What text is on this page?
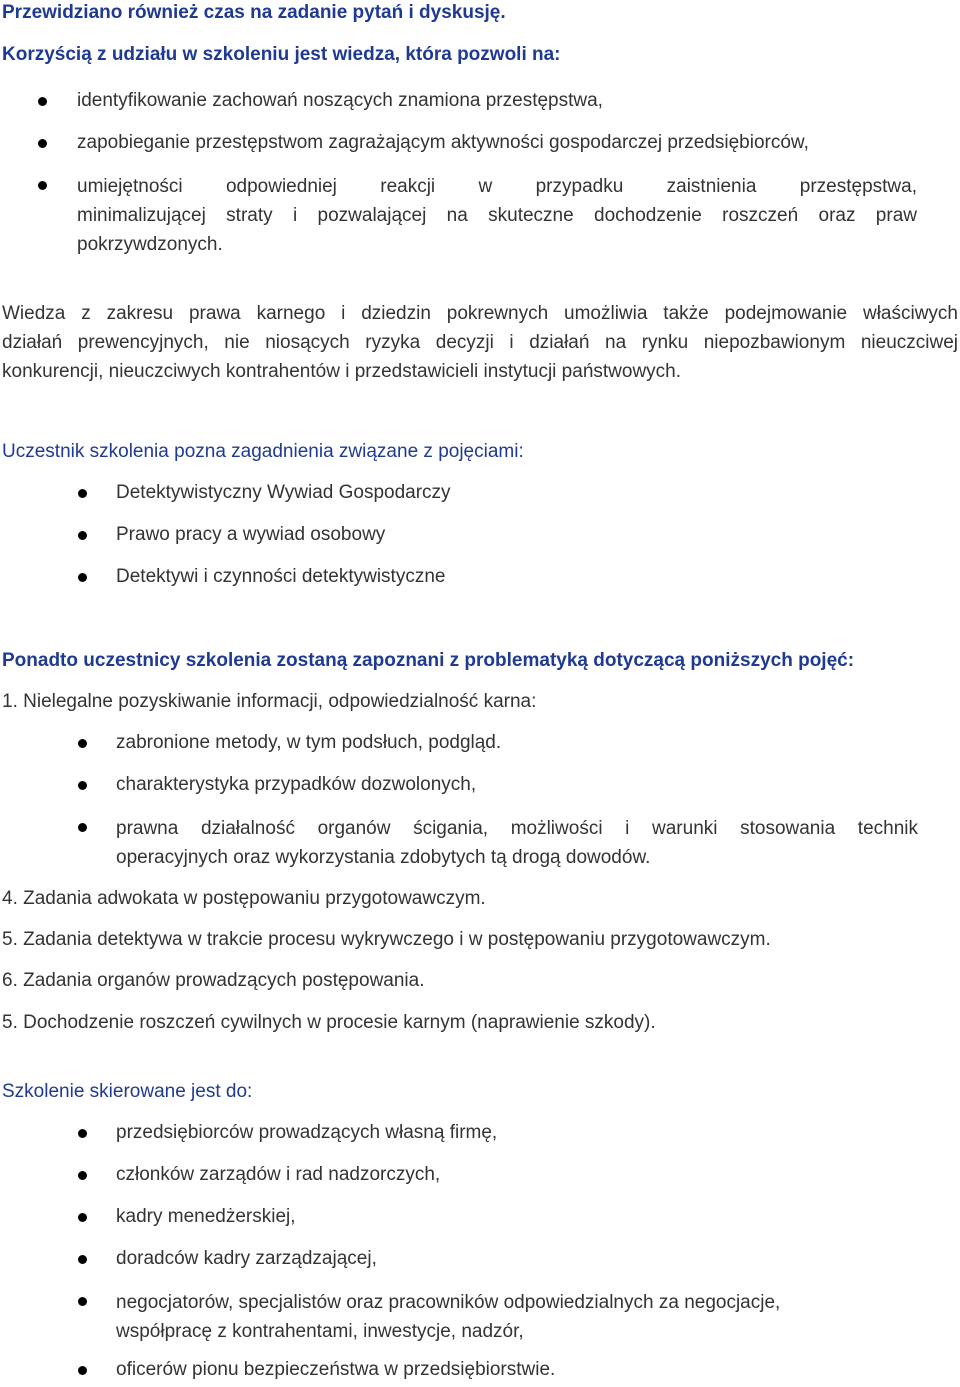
Przewidziano również czas na zadanie pytań i dyskusję.
Korzyścią z udziału w szkoleniu jest wiedza, która pozwoli na:
identyfikowanie zachowań noszących znamiona przestępstwa,
zapobieganie przestępstwom zagrażającym aktywności gospodarczej przedsiębiorców,
umiejętności odpowiedniej reakcji w przypadku zaistnienia przestępstwa,
minimalizującej straty i pozwalającej na skuteczne dochodzenie roszczeń oraz praw
pokrzywdzonych.
Wiedza z zakresu prawa karnego i dziedzin pokrewnych umożliwia także podejmowanie właściwych
działań prewencyjnych, nie niosących ryzyka decyzji i działań na rynku niepozbawionym nieuczciwej
konkurencji, nieuczciwych kontrahentów i przedstawicieli instytucji państwowych.
Uczestnik szkolenia pozna zagadnienia związane z pojęciami:
Detektywistyczny Wywiad Gospodarczy
Prawo pracy a wywiad osobowy
Detektywi i czynności detektywistyczne
Ponadto uczestnicy szkolenia zostaną zapoznani z problematyką dotyczącą poniższych pojęć:
1. Nielegalne pozyskiwanie informacji, odpowiedzialność karna:
zabronione metody, w tym podsłuch, podgląd.
charakterystyka przypadków dozwolonych,
prawna działalność organów ścigania, możliwości i warunki stosowania technik
operacyjnych oraz wykorzystania zdobytych tą drogą dowodów.
4. Zadania adwokata w postępowaniu przygotowawczym.
5. Zadania detektywa w trakcie procesu wykrywczego i w postępowaniu przygotowawczym.
6. Zadania organów prowadzących postępowania.
5. Dochodzenie roszczeń cywilnych w procesie karnym (naprawienie szkody).
Szkolenie skierowane jest do:
przedsiębiorców prowadzących własną firmę,
członków zarządów i rad nadzorczych,
kadry menedżerskiej,
doradców kadry zarządzającej,
negocjatorów, specjalistów oraz pracowników odpowiedzialnych za negocjacje,
współpracę z kontrahentami, inwestycje, nadzór,
oficerów pionu bezpieczeństwa w przedsiębiorstwie.
